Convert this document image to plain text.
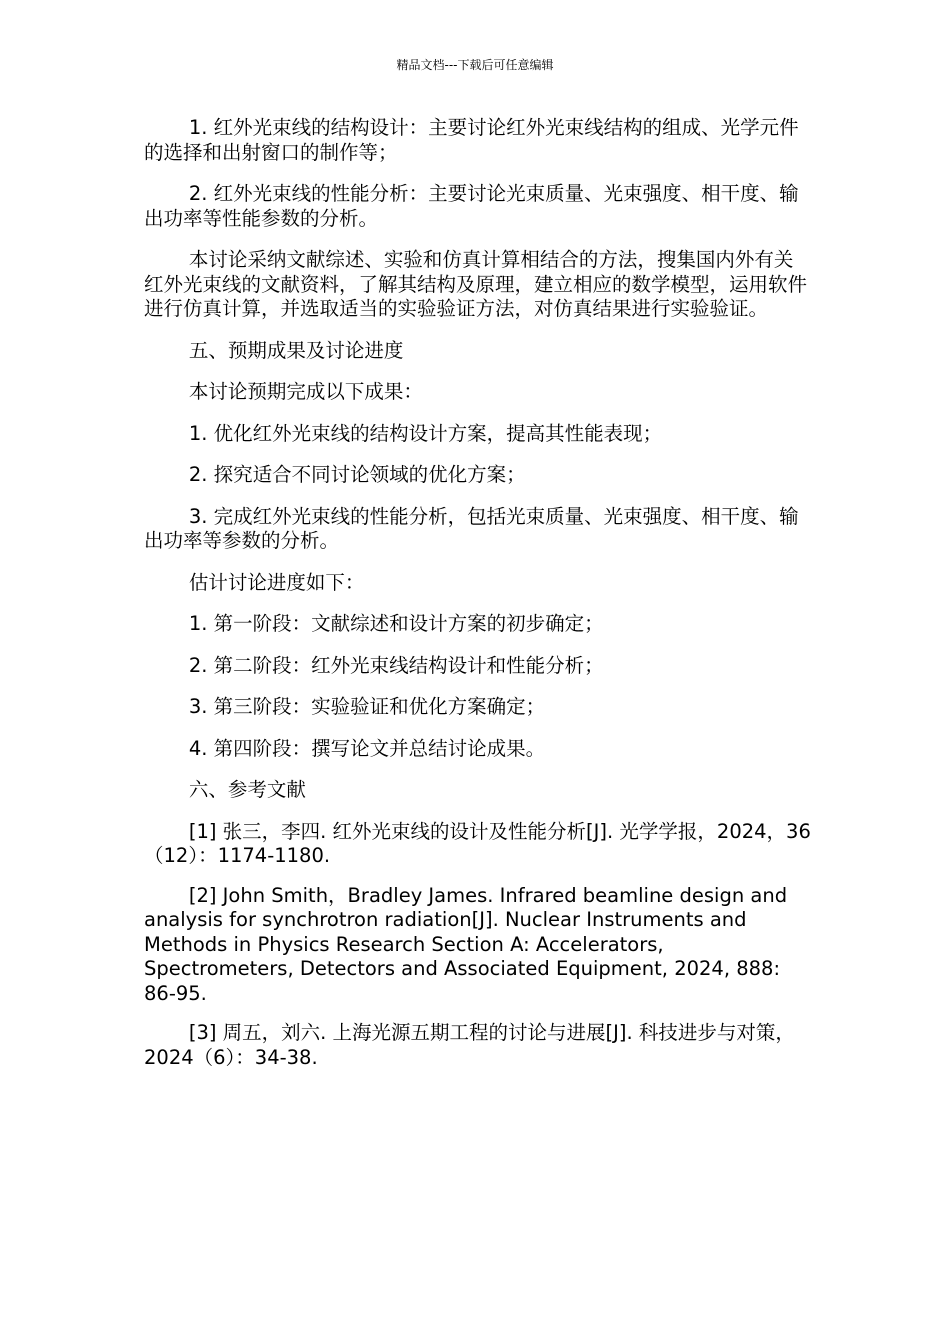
精品文档---下载后可任意编辑

1. 红外光束线的结构设计：主要讨论红外光束线结构的组成、光学元件的选择和出射窗口的制作等；

2. 红外光束线的性能分析：主要讨论光束质量、光束强度、相干度、输出功率等性能参数的分析。

本讨论采纳文献综述、实验和仿真计算相结合的方法，搜集国内外有关红外光束线的文献资料，了解其结构及原理，建立相应的数学模型，运用软件进行仿真计算，并选取适当的实验验证方法，对仿真结果进行实验验证。

五、预期成果及讨论进度

本讨论预期完成以下成果：

1. 优化红外光束线的结构设计方案，提高其性能表现；

2. 探究适合不同讨论领域的优化方案；

3. 完成红外光束线的性能分析，包括光束质量、光束强度、相干度、输出功率等参数的分析。

估计讨论进度如下：

1. 第一阶段：文献综述和设计方案的初步确定；

2. 第二阶段：红外光束线结构设计和性能分析；

3. 第三阶段：实验验证和优化方案确定；

4. 第四阶段：撰写论文并总结讨论成果。

六、参考文献

[1] 张三，李四. 红外光束线的设计及性能分析[J]. 光学学报，2024，36（12）：1174-1180.

[2] John Smith，Bradley James. Infrared beamline design and analysis for synchrotron radiation[J]. Nuclear Instruments and Methods in Physics Research Section A: Accelerators, Spectrometers, Detectors and Associated Equipment, 2024, 888: 86-95.

[3] 周五，刘六. 上海光源五期工程的讨论与进展[J]. 科技进步与对策，2024（6）：34-38.
